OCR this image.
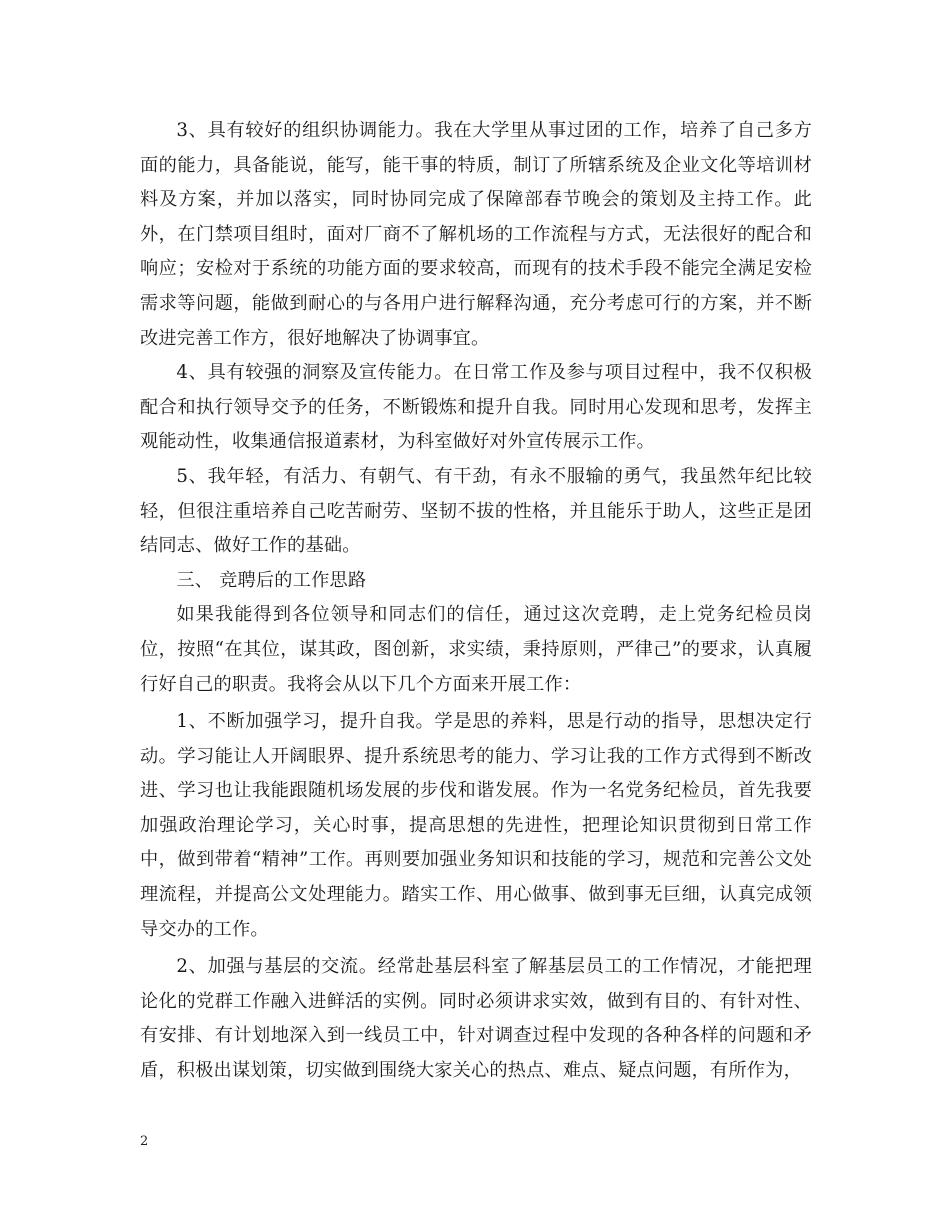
3、具有较好的组织协调能力。我在大学里从事过团的工作，培养了自己多方面的能力，具备能说，能写，能干事的特质，制订了所辖系统及企业文化等培训材料及方案，并加以落实，同时协同完成了保障部春节晚会的策划及主持工作。此外，在门禁项目组时，面对厂商不了解机场的工作流程与方式，无法很好的配合和响应；安检对于系统的功能方面的要求较高，而现有的技术手段不能完全满足安检需求等问题，能做到耐心的与各用户进行解释沟通，充分考虑可行的方案，并不断改进完善工作方，很好地解决了协调事宜。

4、具有较强的洞察及宣传能力。在日常工作及参与项目过程中，我不仅积极配合和执行领导交予的任务，不断锻炼和提升自我。同时用心发现和思考，发挥主观能动性，收集通信报道素材，为科室做好对外宣传展示工作。

5、我年轻，有活力、有朝气、有干劲，有永不服输的勇气，我虽然年纪比较轻，但很注重培养自己吃苦耐劳、坚韧不拔的性格，并且能乐于助人，这些正是团结同志、做好工作的基础。

三、 竞聘后的工作思路

如果我能得到各位领导和同志们的信任，通过这次竞聘，走上党务纪检员岗位，按照“在其位，谋其政，图创新，求实绩，秉持原则，严律己”的要求，认真履行好自己的职责。我将会从以下几个方面来开展工作：

1、不断加强学习，提升自我。学是思的养料，思是行动的指导，思想决定行动。学习能让人开阔眼界、提升系统思考的能力、学习让我的工作方式得到不断改进、学习也让我能跟随机场发展的步伐和谐发展。作为一名党务纪检员，首先我要加强政治理论学习，关心时事，提高思想的先进性，把理论知识贯彻到日常工作中，做到带着“精神”工作。再则要加强业务知识和技能的学习，规范和完善公文处理流程，并提高公文处理能力。踏实工作、用心做事、做到事无巨细，认真完成领导交办的工作。

2、加强与基层的交流。经常赴基层科室了解基层员工的工作情况，才能把理论化的党群工作融入进鲜活的实例。同时必须讲求实效，做到有目的、有针对性、有安排、有计划地深入到一线员工中，针对调查过程中发现的各种各样的问题和矛盾，积极出谋划策，切实做到围绕大家关心的热点、难点、疑点问题，有所作为，

2
